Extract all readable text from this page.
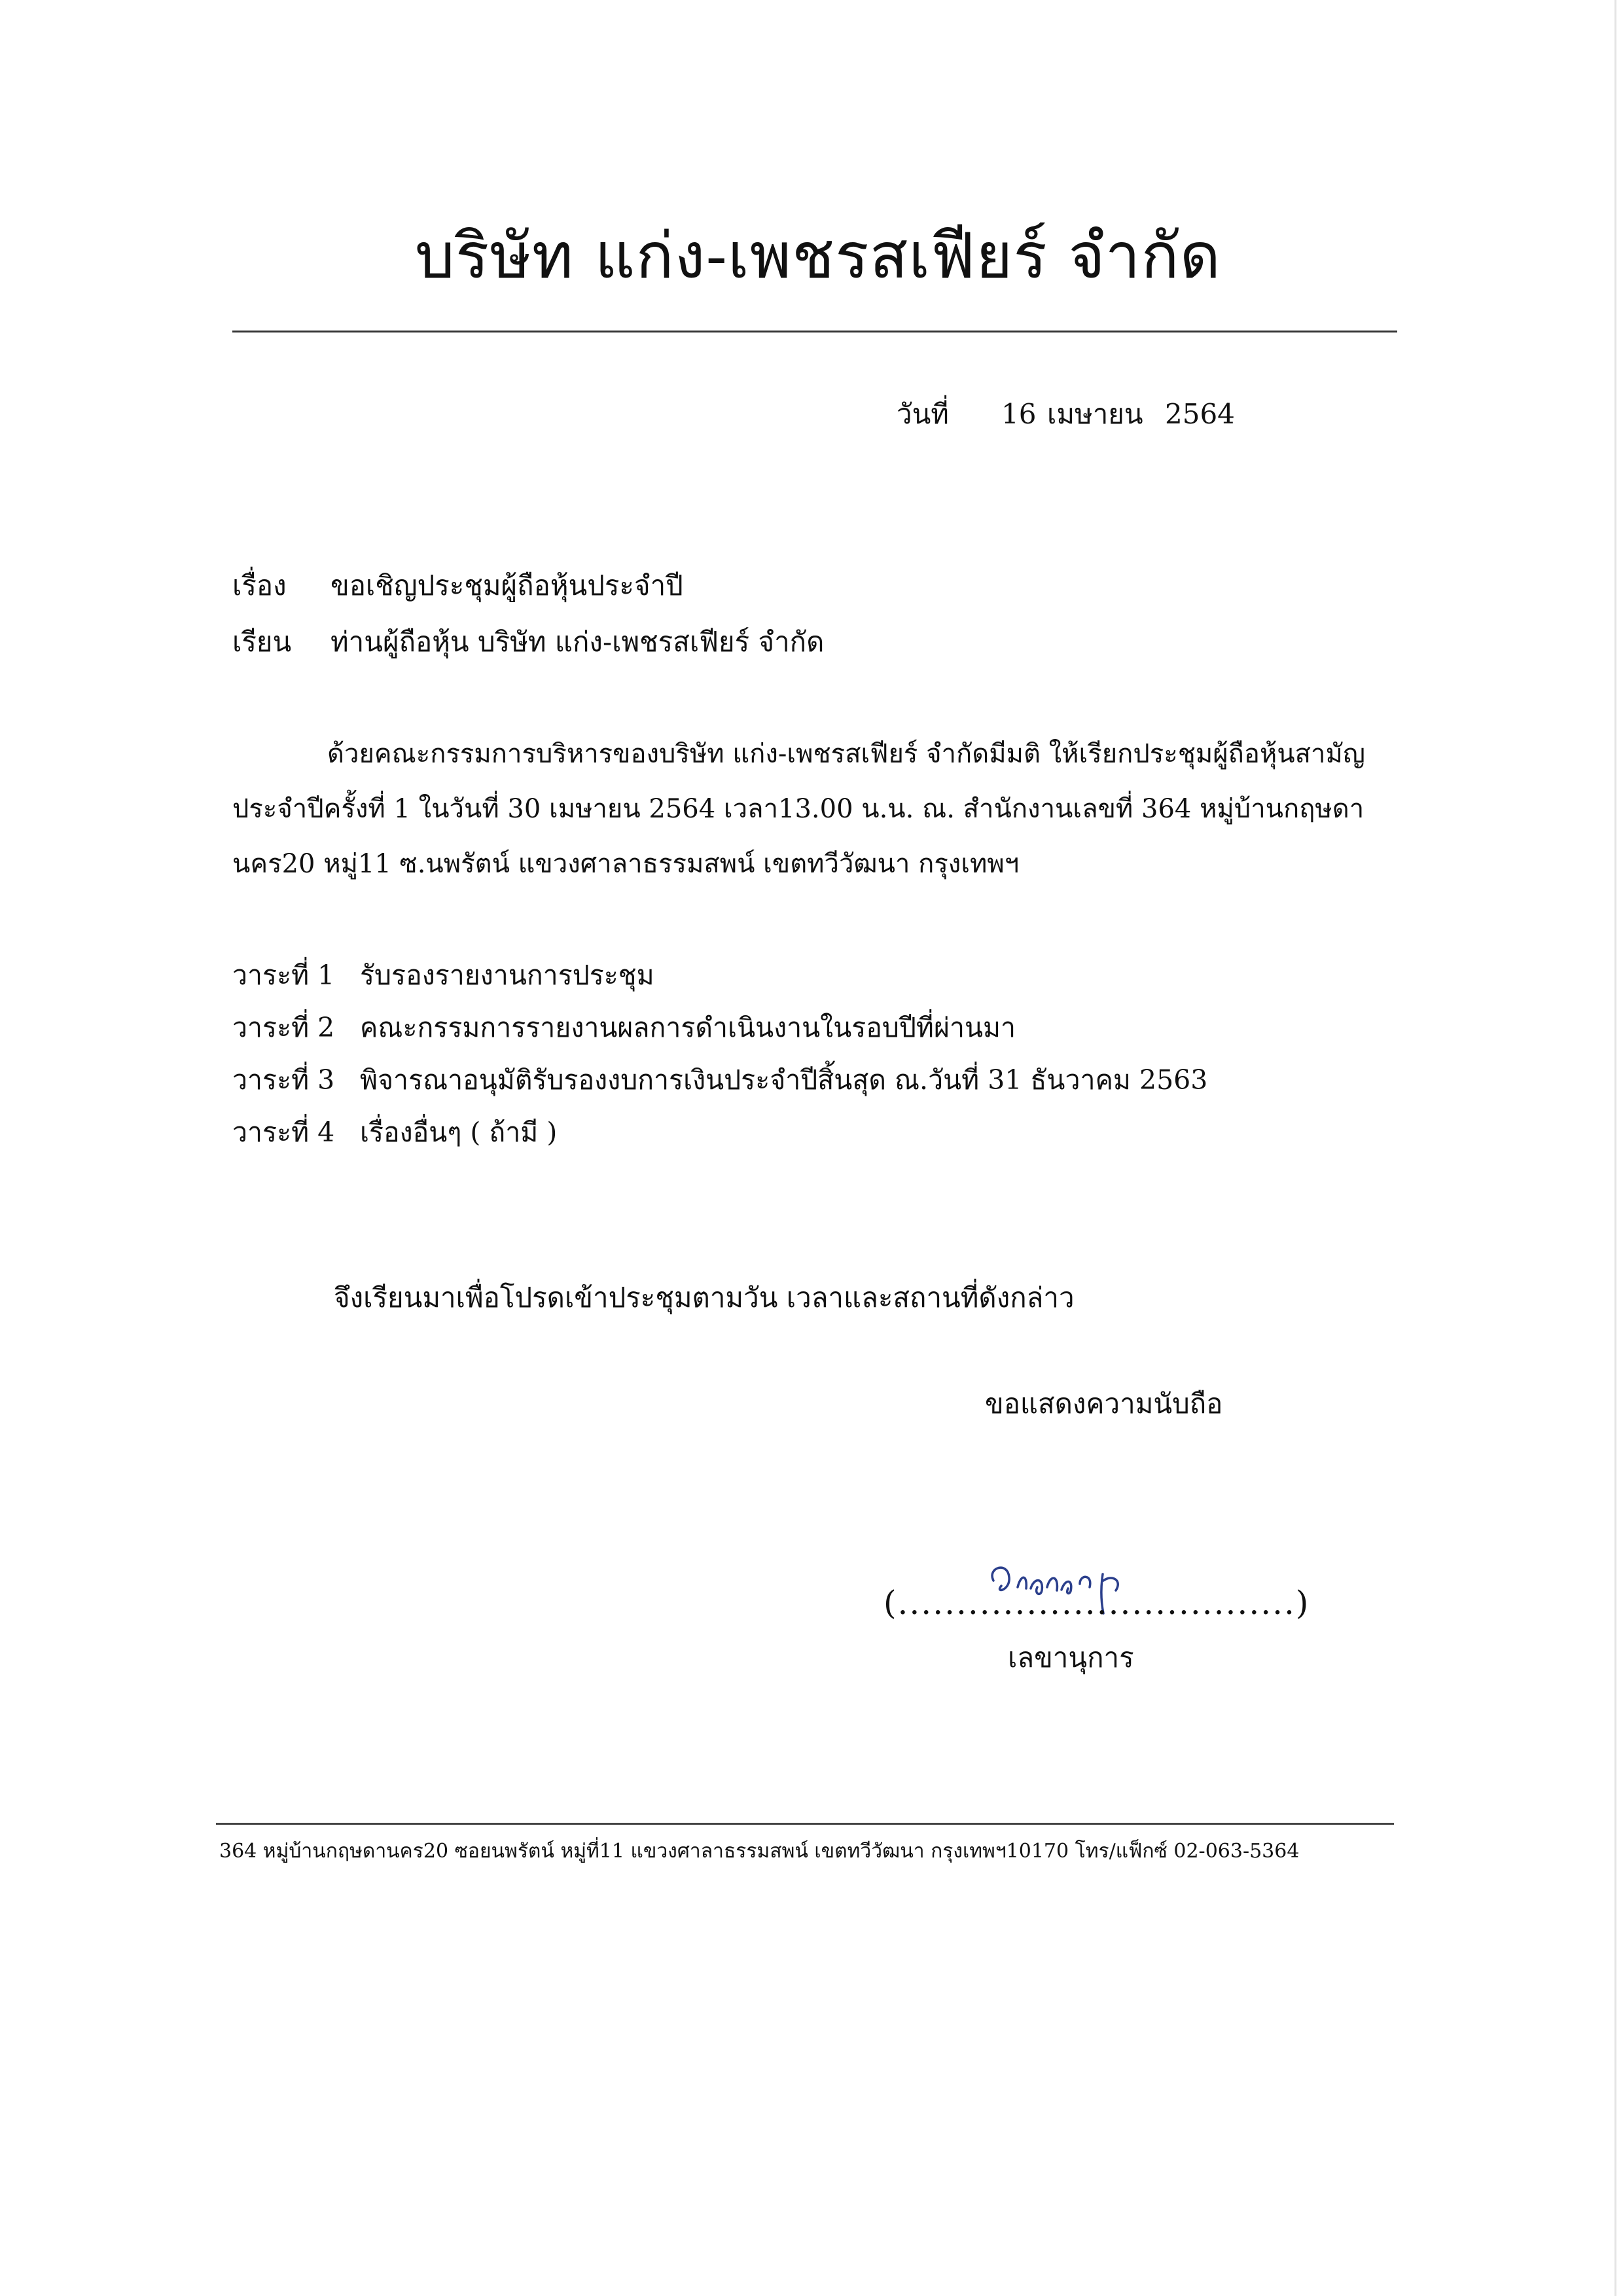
บริษัท แก่ง-เพชรสเฟียร์ จำกัด
วันที่ 16 เมษายน 2564
เรื่อง ขอเชิญประชุมผู้ถือหุ้นประจำปี
เรียน ท่านผู้ถือหุ้น บริษัท แก่ง-เพชรสเฟียร์ จำกัด
ด้วยคณะกรรมการบริหารของบริษัท แก่ง-เพชรสเฟียร์ จำกัดมีมติ ให้เรียกประชุมผู้ถือหุ้นสามัญประจำปีครั้งที่ 1 ในวันที่ 30 เมษายน 2564 เวลา13.00 น.น. ณ. สำนักงานเลขที่ 364 หมู่บ้านกฤษดานคร20 หมู่11 ซ.นพรัตน์ แขวงศาลาธรรมสพน์ เขตทวีวัฒนา กรุงเทพฯ
วาระที่ 1 รับรองรายงานการประชุม
วาระที่ 2 คณะกรรมการรายงานผลการดำเนินงานในรอบปีที่ผ่านมา
วาระที่ 3 พิจารณาอนุมัติรับรองงบการเงินประจำปีสิ้นสุด ณ.วันที่ 31 ธันวาคม 2563
วาระที่ 4 เรื่องอื่นๆ ( ถ้ามี )
จึงเรียนมาเพื่อโปรดเข้าประชุมตามวัน เวลาและสถานที่ดังกล่าว
ขอแสดงความนับถือ
(..................................)
เลขานุการ
364 หมู่บ้านกฤษดานคร20 ซอยนพรัตน์ หมู่ที่11 แขวงศาลาธรรมสพน์ เขตทวีวัฒนา กรุงเทพฯ10170 โทร/แฟ็กซ์ 02-063-5364
